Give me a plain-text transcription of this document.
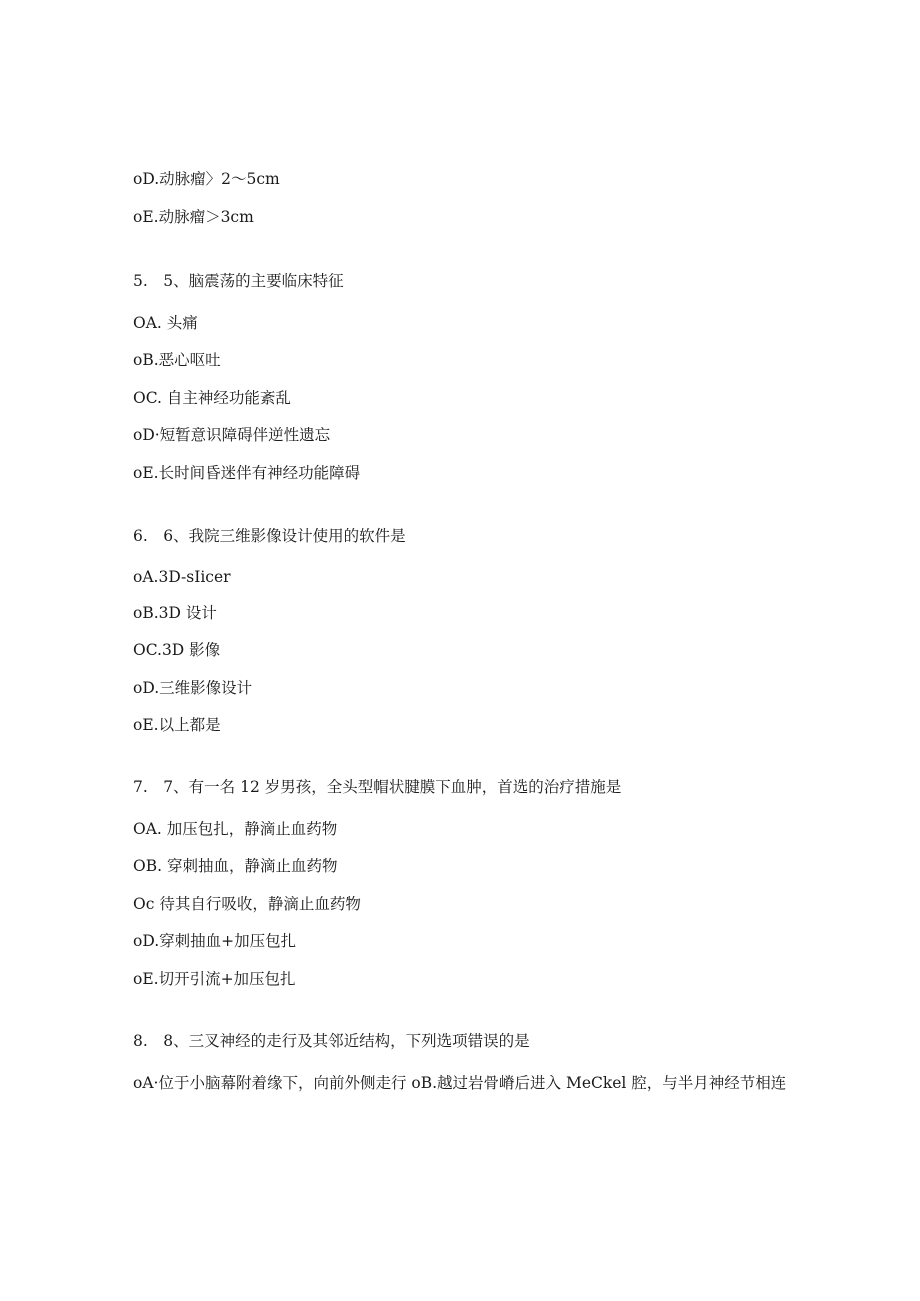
oD.动脉瘤〉2～5cm
oE.动脉瘤＞3cm
5.　5、脑震荡的主要临床特征
OA. 头痛
oB.恶心呕吐
OC. 自主神经功能紊乱
oD·短暂意识障碍伴逆性遗忘
oE.长时间昏迷伴有神经功能障碍
6.　6、我院三维影像设计使用的软件是
oA.3D-sIicer
oB.3D 设计
OC.3D 影像
oD.三维影像设计
oE.以上都是
7.　7、有一名 12 岁男孩，全头型帽状腱膜下血肿，首选的治疗措施是
OA. 加压包扎，静滴止血药物
OB. 穿刺抽血，静滴止血药物
Oc 待其自行吸收，静滴止血药物
oD.穿刺抽血+加压包扎
oE.切开引流+加压包扎
8.　8、三叉神经的走行及其邻近结构，下列选项错误的是
oA·位于小脑幕附着缘下，向前外侧走行 oB.越过岩骨嵴后进入 MeCkel 腔，与半月神经节相连
